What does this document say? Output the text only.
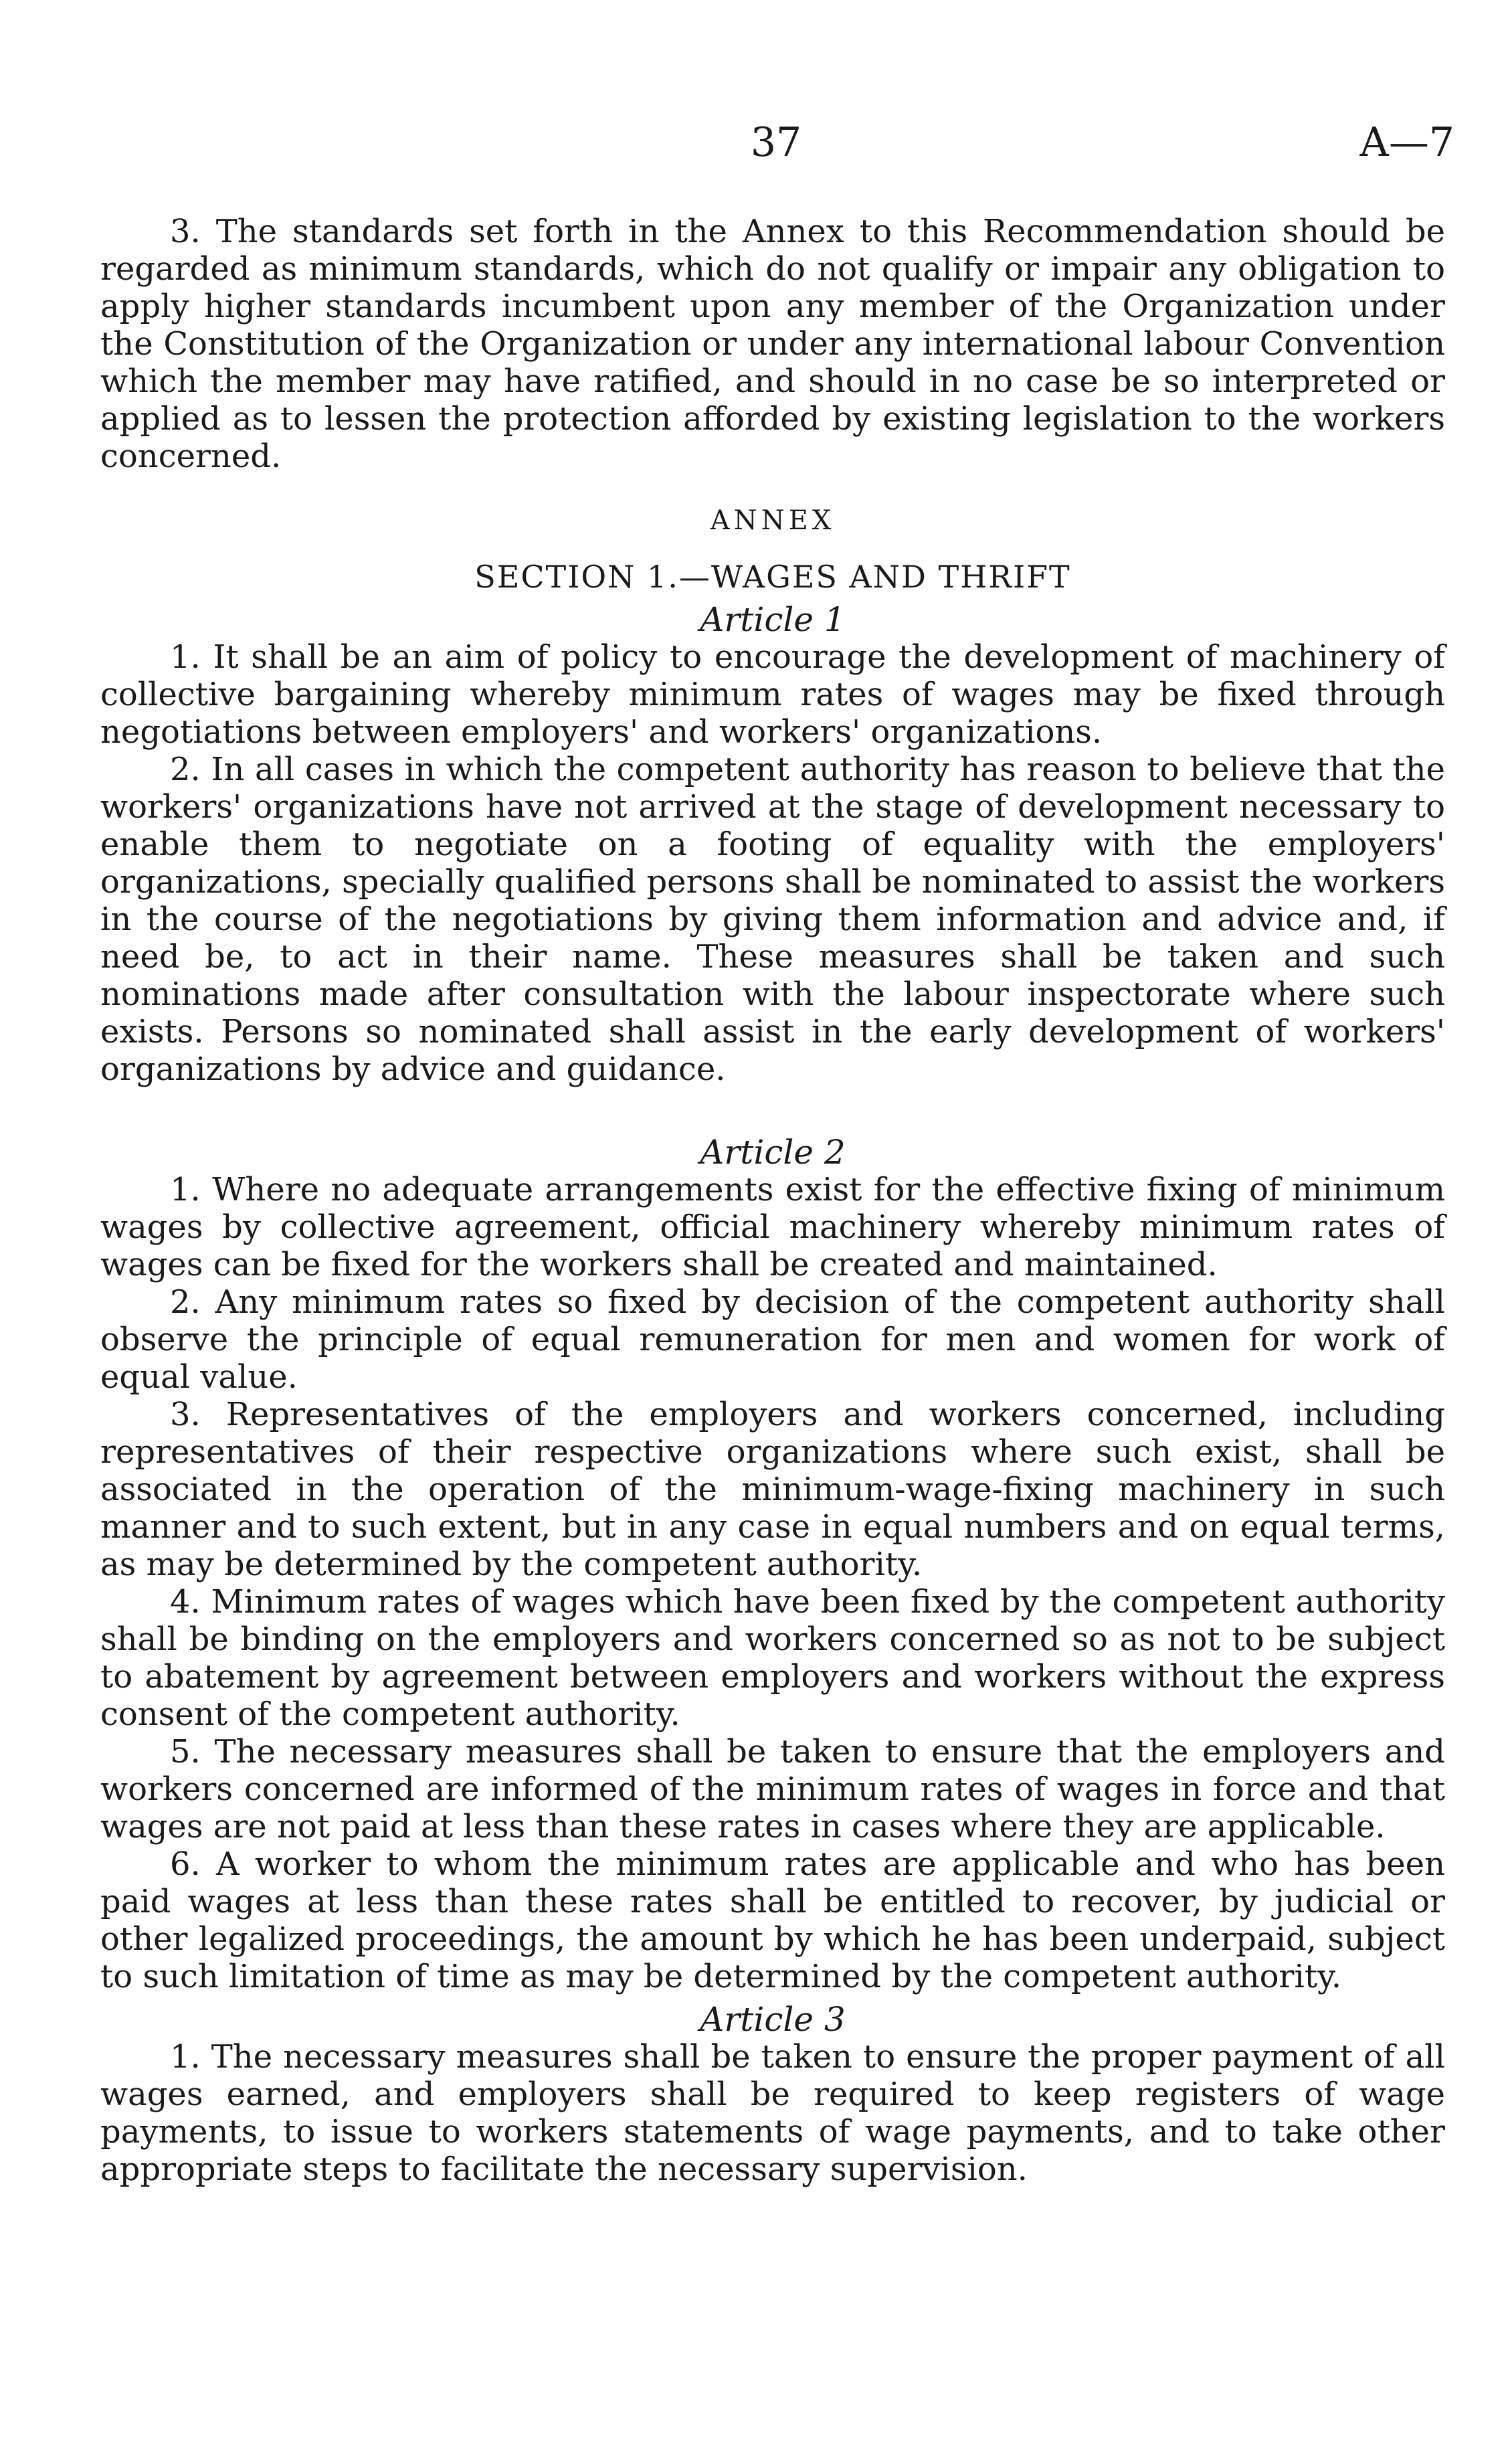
37	A—7

3. The standards set forth in the Annex to this Recommendation should be regarded as minimum standards, which do not qualify or impair any obligation to apply higher standards incumbent upon any member of the Organization under the Constitution of the Organization or under any international labour Convention which the member may have ratified, and should in no case be so interpreted or applied as to lessen the protection afforded by existing legislation to the workers concerned.

ANNEX

SECTION 1.—WAGES AND THRIFT

Article 1

1. It shall be an aim of policy to encourage the development of machinery of collective bargaining whereby minimum rates of wages may be fixed through negotiations between employers' and workers' organizations.

2. In all cases in which the competent authority has reason to believe that the workers' organizations have not arrived at the stage of development necessary to enable them to negotiate on a footing of equality with the employers' organizations, specially qualified persons shall be nominated to assist the workers in the course of the negotiations by giving them information and advice and, if need be, to act in their name. These measures shall be taken and such nominations made after consultation with the labour inspectorate where such exists. Persons so nominated shall assist in the early development of workers' organizations by advice and guidance.

Article 2

1. Where no adequate arrangements exist for the effective fixing of minimum wages by collective agreement, official machinery whereby minimum rates of wages can be fixed for the workers shall be created and maintained.

2. Any minimum rates so fixed by decision of the competent authority shall observe the principle of equal remuneration for men and women for work of equal value.

3. Representatives of the employers and workers concerned, including representatives of their respective organizations where such exist, shall be associated in the operation of the minimum-wage-fixing machinery in such manner and to such extent, but in any case in equal numbers and on equal terms, as may be determined by the competent authority.

4. Minimum rates of wages which have been fixed by the competent authority shall be binding on the employers and workers concerned so as not to be subject to abatement by agreement between employers and workers without the express consent of the competent authority.

5. The necessary measures shall be taken to ensure that the employers and workers concerned are informed of the minimum rates of wages in force and that wages are not paid at less than these rates in cases where they are applicable.

6. A worker to whom the minimum rates are applicable and who has been paid wages at less than these rates shall be entitled to recover, by judicial or other legalized proceedings, the amount by which he has been underpaid, subject to such limitation of time as may be determined by the competent authority.

Article 3

1. The necessary measures shall be taken to ensure the proper payment of all wages earned, and employers shall be required to keep registers of wage payments, to issue to workers statements of wage payments, and to take other appropriate steps to facilitate the necessary supervision.
